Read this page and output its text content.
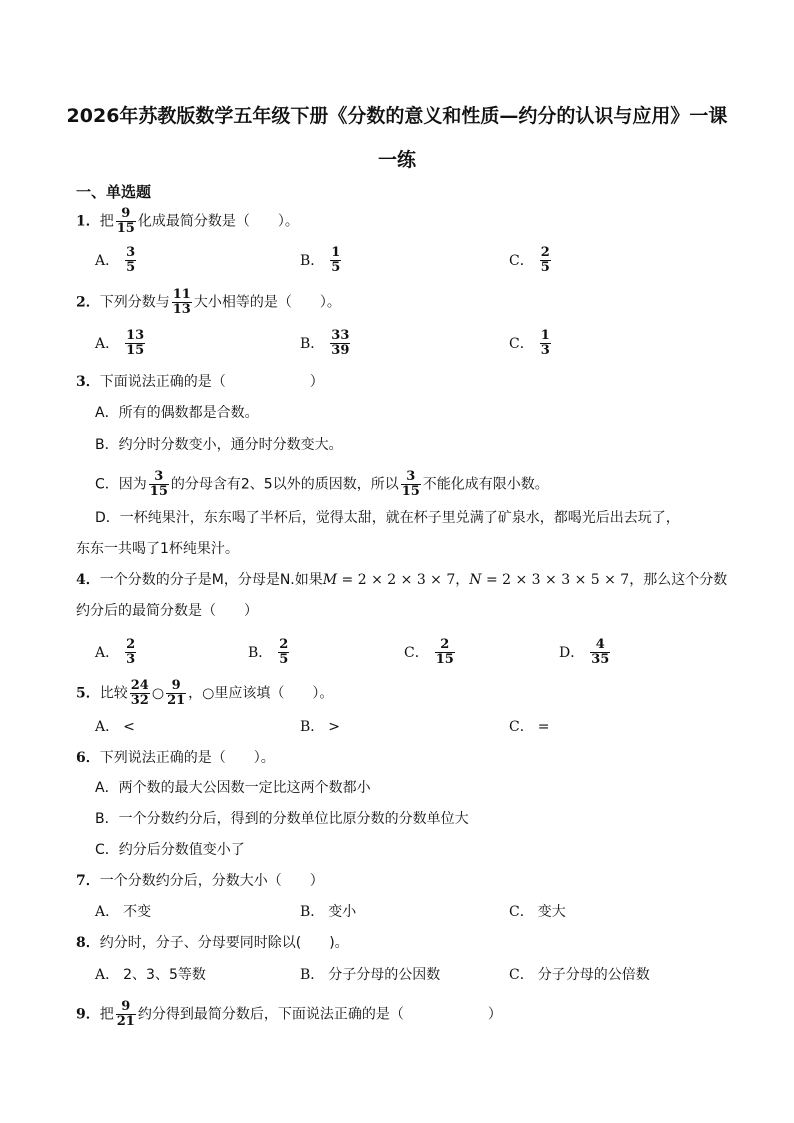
2026年苏教版数学五年级下册《分数的意义和性质—约分的认识与应用》一课
一练
一、单选题
1．把 $\frac{9}{15}$ 化成最简分数是（　　）。
A． $\frac{3}{5}$	B． $\frac{1}{5}$	C． $\frac{2}{5}$
2．下列分数与 $\frac{11}{13}$ 大小相等的是（　　）。
A． $\frac{13}{15}$	B． $\frac{33}{39}$	C． $\frac{1}{3}$
3．下面说法正确的是（　　　　　　）
A．所有的偶数都是合数。
B．约分时分数变小，通分时分数变大。
C．因为 $\frac{3}{15}$ 的分母含有2、5以外的质因数，所以 $\frac{3}{15}$ 不能化成有限小数。
D．一杯纯果汁，东东喝了半杯后，觉得太甜，就在杯子里兑满了矿泉水，都喝光后出去玩了，
东东一共喝了1杯纯果汁。
4．一个分数的分子是M，分母是N.如果M = 2 × 2 × 3 × 7，N = 2 × 3 × 3 × 5 × 7，那么这个分数
约分后的最简分数是（　　）
A． $\frac{2}{3}$	B． $\frac{2}{5}$	C． $\frac{2}{15}$	D． $\frac{4}{35}$
5．比较 $\frac{24}{32}$ ○ $\frac{9}{21}$ ，○里应该填（　　）。
A． <	B． >	C． =
6．下列说法正确的是（　　）。
A．两个数的最大公因数一定比这两个数都小
B．一个分数约分后，得到的分数单位比原分数的分数单位大
C．约分后分数值变小了
7．一个分数约分后，分数大小（　　）
A． 不变	B． 变小	C． 变大
8．约分时，分子、分母要同时除以(　　)。
A． 2、3、5等数	B． 分子分母的公因数	C． 分子分母的公倍数
9．把 $\frac{9}{21}$ 约分得到最简分数后，下面说法正确的是（　　　　　　）
